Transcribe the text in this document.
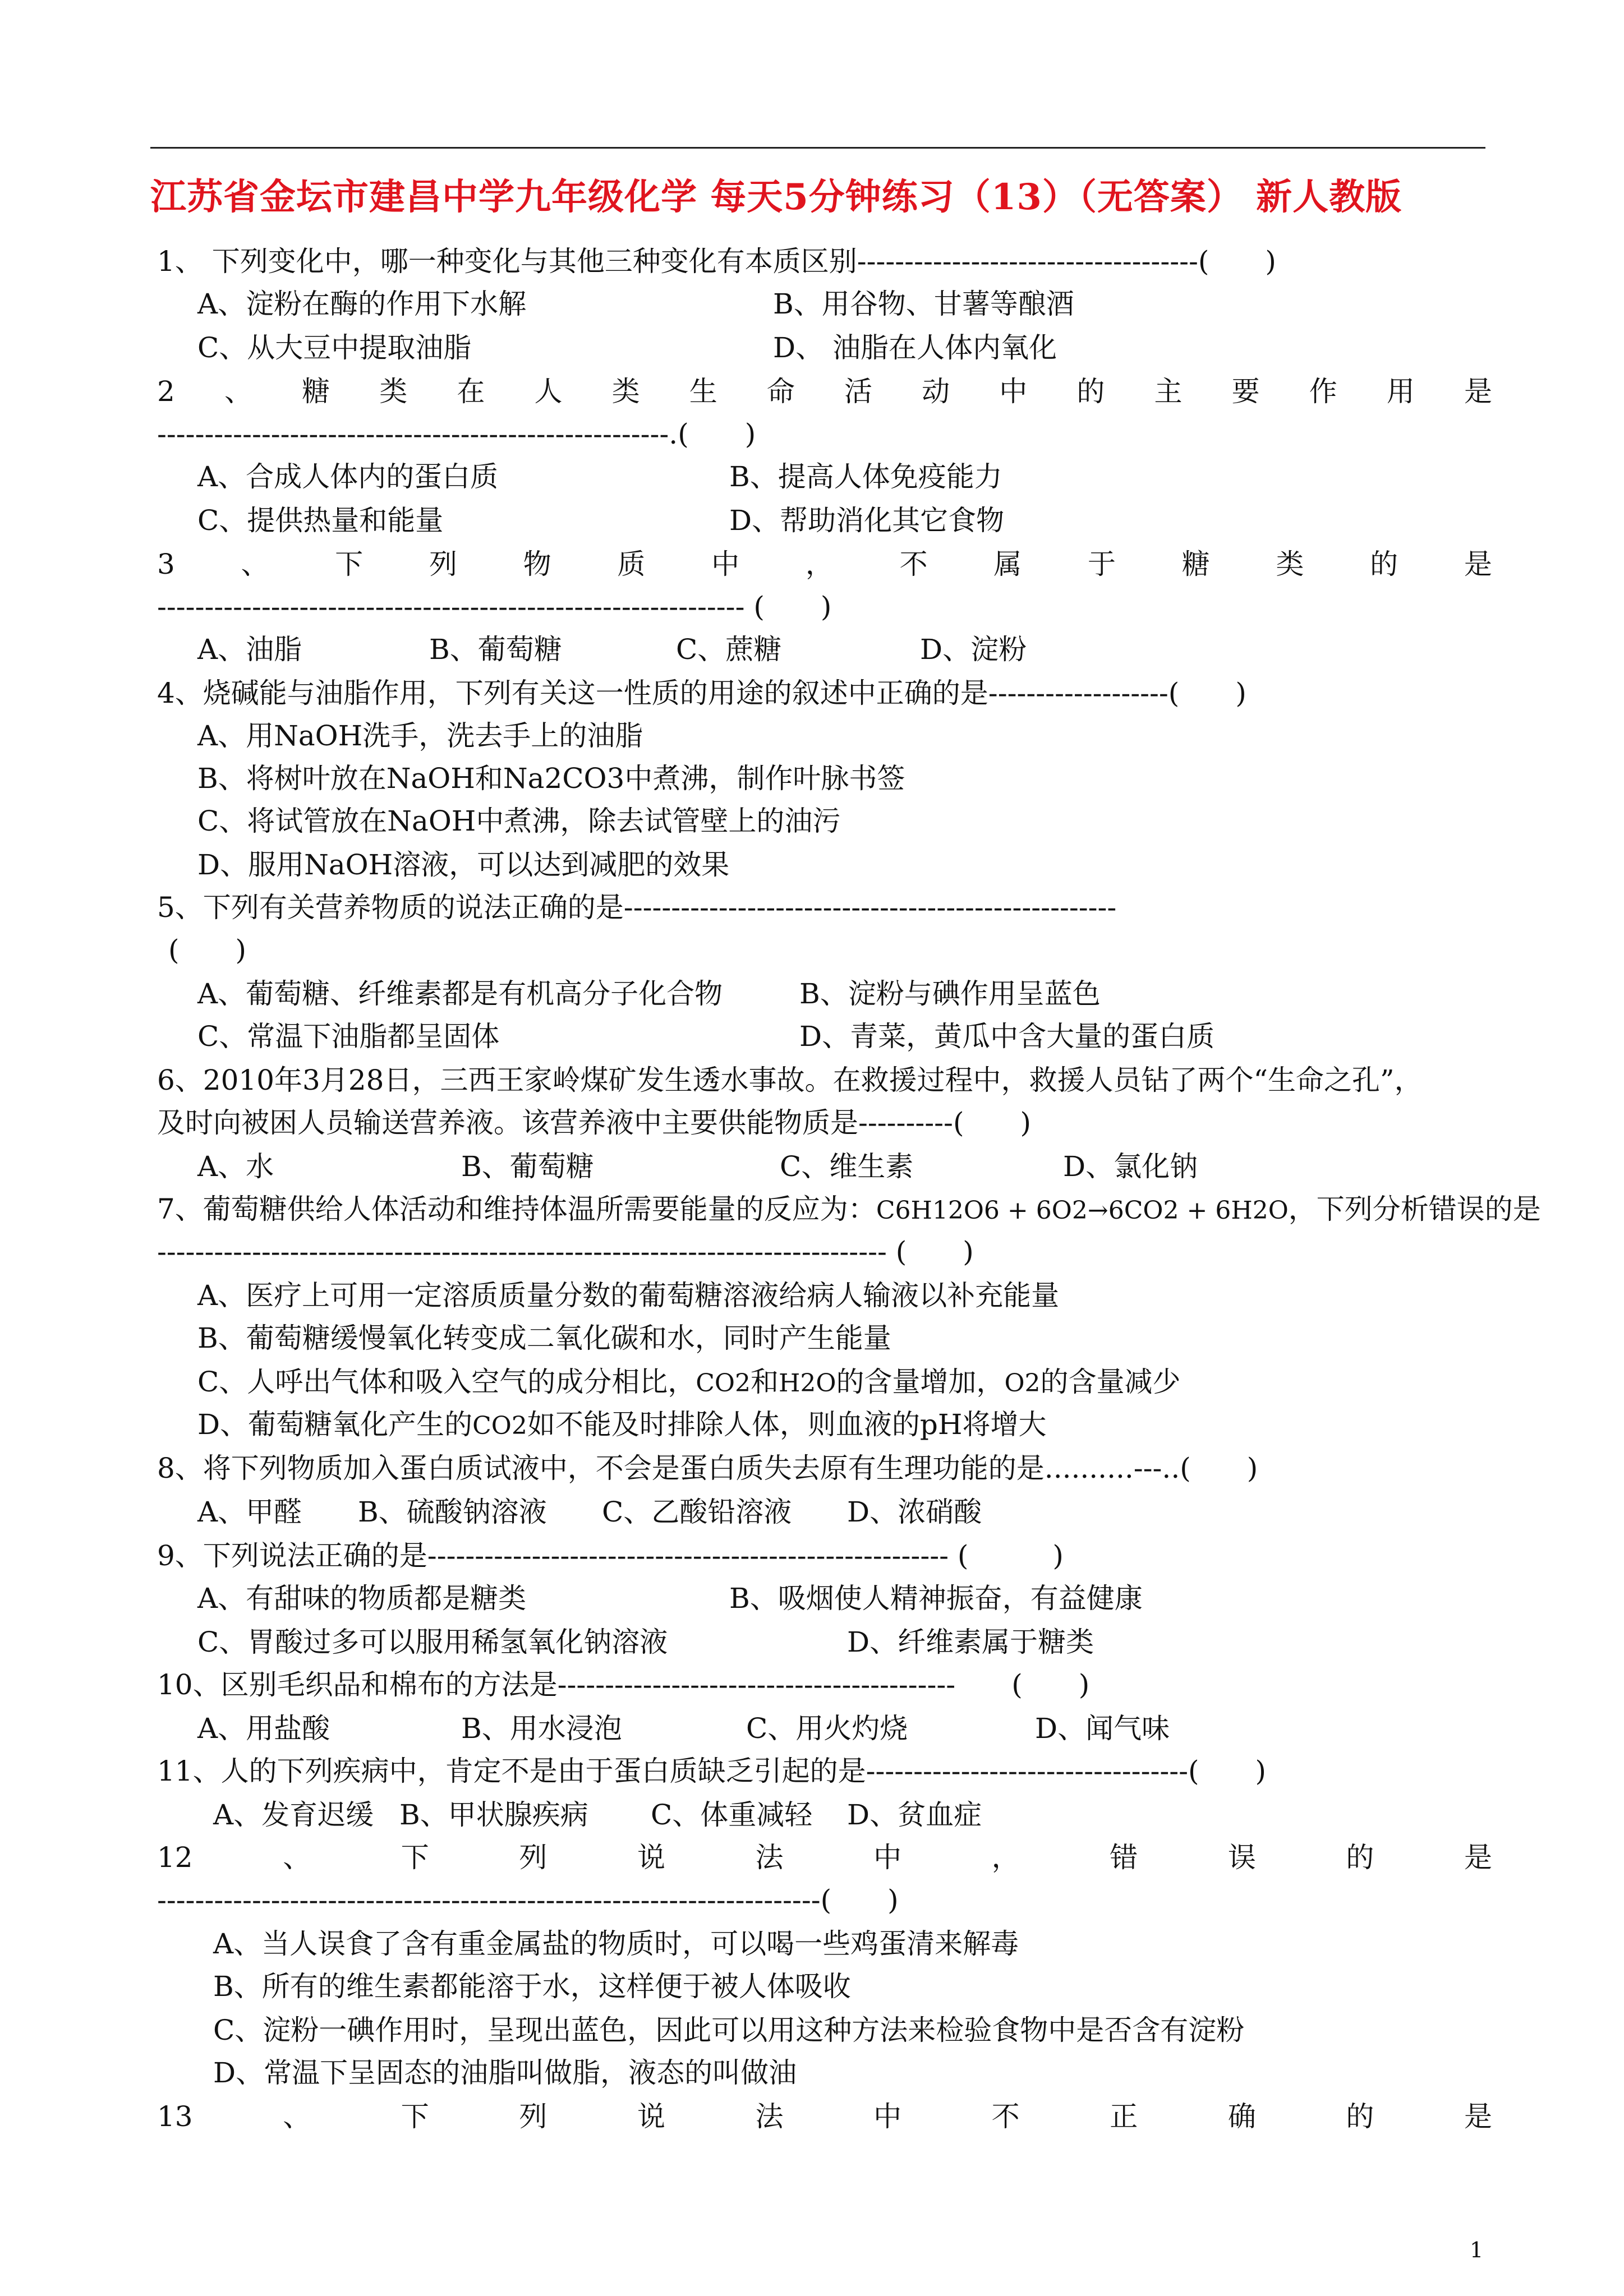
江苏省金坛市建昌中学九年级化学 每天5分钟练习（13）（无答案） 新人教版
1、 下列变化中，哪一种变化与其他三种变化有本质区别------------------------------------(　　)
A、淀粉在酶的作用下水解	B、用谷物、甘薯等酿酒
C、从大豆中提取油脂	D、 油脂在人体内氧化
2 、 糖 类 在 人 类 生 命 活 动 中 的 主 要 作 用 是
------------------------------------------------------.(　　)
A、合成人体内的蛋白质	B、提高人体免疫能力
C、提供热量和能量	D、帮助消化其它食物
3 、 下 列 物 质 中 ， 不 属 于 糖 类 的 是
-------------------------------------------------------------- (　　)
A、油脂	B、葡萄糖	C、蔗糖	D、淀粉
4、烧碱能与油脂作用，下列有关这一性质的用途的叙述中正确的是-------------------(　　)
A、用NaOH洗手，洗去手上的油脂
B、将树叶放在NaOH和Na2CO3中煮沸，制作叶脉书签
C、将试管放在NaOH中煮沸，除去试管壁上的油污
D、服用NaOH溶液，可以达到减肥的效果
5、下列有关营养物质的说法正确的是----------------------------------------------------
(　　)
A、葡萄糖、纤维素都是有机高分子化合物	B、淀粉与碘作用呈蓝色
C、常温下油脂都呈固体	D、青菜，黄瓜中含大量的蛋白质
6、2010年3月28日，三西王家岭煤矿发生透水事故。在救援过程中，救援人员钻了两个“生命之孔”，
及时向被困人员输送营养液。该营养液中主要供能物质是----------(　　)
A、水	B、葡萄糖	C、维生素	D、氯化钠
7、葡萄糖供给人体活动和维持体温所需要能量的反应为：C6H12O6 + 6O2→6CO2 + 6H2O，下列分析错误的是
----------------------------------------------------------------------------- (　　)
A、医疗上可用一定溶质质量分数的葡萄糖溶液给病人输液以补充能量
B、葡萄糖缓慢氧化转变成二氧化碳和水，同时产生能量
C、人呼出气体和吸入空气的成分相比，CO2和H2O的含量增加，O2的含量减少
D、葡萄糖氧化产生的CO2如不能及时排除人体，则血液的pH将增大
8、将下列物质加入蛋白质试液中，不会是蛋白质失去原有生理功能的是..........---..(　　)
A、甲醛 B、硫酸钠溶液 C、乙酸铅溶液 D、浓硝酸
9、下列说法正确的是------------------------------------------------------- (　　　)
A、有甜味的物质都是糖类	B、吸烟使人精神振奋，有益健康
C、胃酸过多可以服用稀氢氧化钠溶液	D、纤维素属于糖类
10、区别毛织品和棉布的方法是------------------------------------------　　(　　)
A、用盐酸	B、用水浸泡	C、用火灼烧	D、闻气味
11、人的下列疾病中，肯定不是由于蛋白质缺乏引起的是----------------------------------(　　)
A、发育迟缓 B、甲状腺疾病 C、体重减轻 D、贫血症
12	、	下	列	说	法	中	，	错	误	的	是
----------------------------------------------------------------------(　　)
A、当人误食了含有重金属盐的物质时，可以喝一些鸡蛋清来解毒
B、所有的维生素都能溶于水，这样便于被人体吸收
C、淀粉一碘作用时，呈现出蓝色，因此可以用这种方法来检验食物中是否含有淀粉
D、常温下呈固态的油脂叫做脂，液态的叫做油
13	、	下	列	说	法	中	不	正	确	的	是
1
